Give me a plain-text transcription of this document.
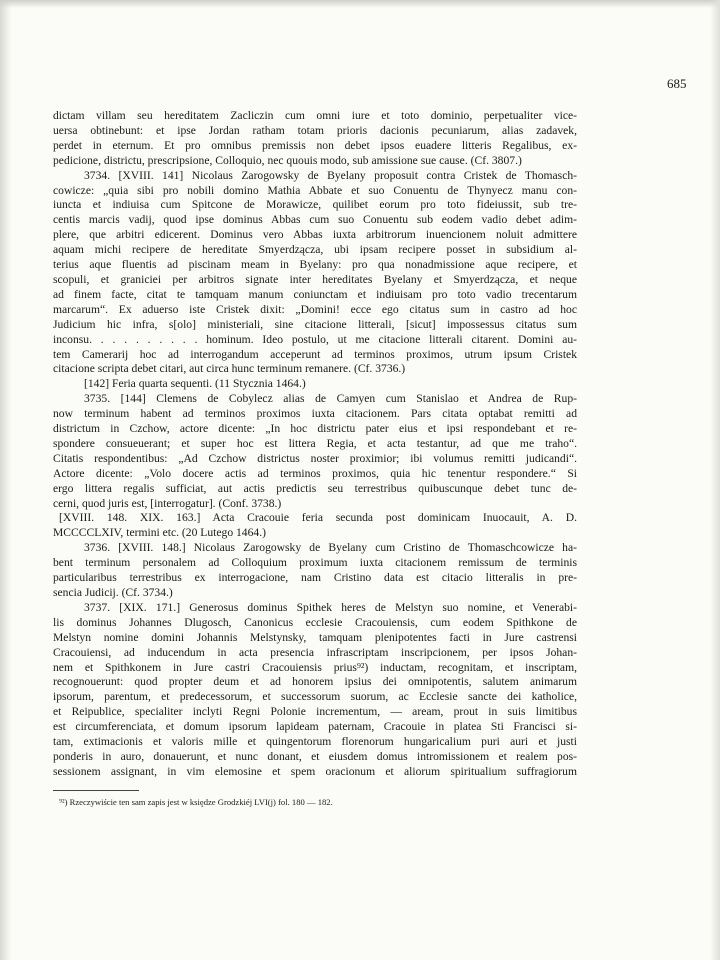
685
dictam villam seu hereditatem Zacliczin cum omni iure et toto dominio, perpetualiter vice-
uersa obtinebunt: et ipse Jordan ratham totam prioris dacionis pecuniarum, alias zadavek,
perdet in eternum. Et pro omnibus premissis non debet ipsos euadere litteris Regalibus, ex-
pedicione, districtu, prescripsione, Colloquio, nec quouis modo, sub amissione sue cause. (Cf. 3807.)
3734. [XVIII. 141] Nicolaus Zarogowsky de Byelany proposuit contra Cristek de Thomasch-
cowicze: „quia sibi pro nobili domino Mathia Abbate et suo Conuentu de Thynyecz manu con-
iuncta et indiuisa cum Spitcone de Morawicze, quilibet eorum pro toto fideiussit, sub tre-
centis marcis vadij, quod ipse dominus Abbas cum suo Conuentu sub eodem vadio debet adim-
plere, que arbitri edicerent. Dominus vero Abbas iuxta arbitrorum inuencionem noluit admittere
aquam michi recipere de hereditate Smyerdzącza, ubi ipsam recipere posset in subsidium al-
terius aque fluentis ad piscinam meam in Byelany: pro qua nonadmissione aque recipere, et
scopuli, et granicieі per arbitros signate inter hereditates Byelany et Smyerdzącza, et neque
ad finem facte, citat te tamquam manum coniunctam et indiuisam pro toto vadio trecentarum
marcarum“. Ex aduerso iste Cristek dixit: „Domini! ecce ego citatus sum in castro ad hoc
Judicium hic infra, s[olo] ministeriali, sine citacione litterali, [sicut] impossessus citatus sum
inconsu. . . . . . . . . . hominum. Ideo postulo, ut me citacione litterali citarent. Domini au-
tem Camerarij hoc ad interrogandum acceperunt ad terminos proximos, utrum ipsum Cristek
citacione scripta debet citari, aut circa hunc terminum remanere. (Cf. 3736.)
[142] Feria quarta sequenti. (11 Stycznia 1464.)
3735. [144] Clemens de Cobylecz alias de Camyen cum Stanislao et Andrea de Rup-
now terminum habent ad terminos proximos iuxta citacionem. Pars citata optabat remitti ad
districtum in Czchow, actore dicente: „In hoc districtu pater eius et ipsi respondebant et re-
spondere consueuerant; et super hoc est littera Regia, et acta testantur, ad que me traho“.
Citatis respondentibus: „Ad Czchow districtus noster proximior; ibi volumus remitti judicandi“.
Actore dicente: „Volo docere actis ad terminos proximos, quia hic tenentur respondere.“ Si
ergo littera regalis sufficiat, aut actis predictis seu terrestribus quibuscunque debet tunc de-
cerni, quod juris est, [interrogatur]. (Conf. 3738.)
[XVIII. 148. XIX. 163.] Acta Cracouie feria secunda post dominicam Inuocauit, A. D.
MCCCCLXIV, termini etc. (20 Lutego 1464.)
3736. [XVIII. 148.] Nicolaus Zarogowsky de Byelany cum Cristino de Thomaschcowicze ha-
bent terminum personalem ad Colloquium proximum iuxta citacionem remissum de terminis
particularibus terrestribus ex interrogacione, nam Cristino data est citacio litteralis in pre-
sencia Judicij. (Cf. 3734.)
3737. [XIX. 171.] Generosus dominus Spithek heres de Melstyn suo nomine, et Venerabi-
lis dominus Johannes Dlugosch, Canonicus ecclesie Cracouiensis, cum eodem Spithkone de
Melstyn nomine domini Johannis Melstynsky, tamquam plenipotentes facti in Jure castrensi
Cracouiensi, ad inducendum in acta presencia infrascriptam inscripcionem, per ipsos Johan-
nem et Spithkonem in Jure castri Cracouiensis prius⁹²) inductam, recognitam, et inscriptam,
recognouerunt: quod propter deum et ad honorem ipsius dei omnipotentis, salutem animarum
ipsorum, parentum, et predecessorum, et successorum suorum, ac Ecclesie sancte dei katholice,
et Reipublice, specialiter inclyti Regni Polonie incrementum, — aream, prout in suis limitibus
est circumferenciata, et domum ipsorum lapideam paternam, Cracouie in platea Sti Francisci si-
tam, extimacionis et valoris mille et quingentorum florenorum hungaricalium puri auri et justi
ponderis in auro, donauerunt, et nunc donant, et eiusdem domus intromissionem et realem pos-
sessionem assignant, in vim elemosine et spem oracionum et aliorum spiritualium suffragiorum
⁹²) Rzeczywiście ten sam zapis jest w księdze Grodzkiéj LVI(j) fol. 180 — 182.
